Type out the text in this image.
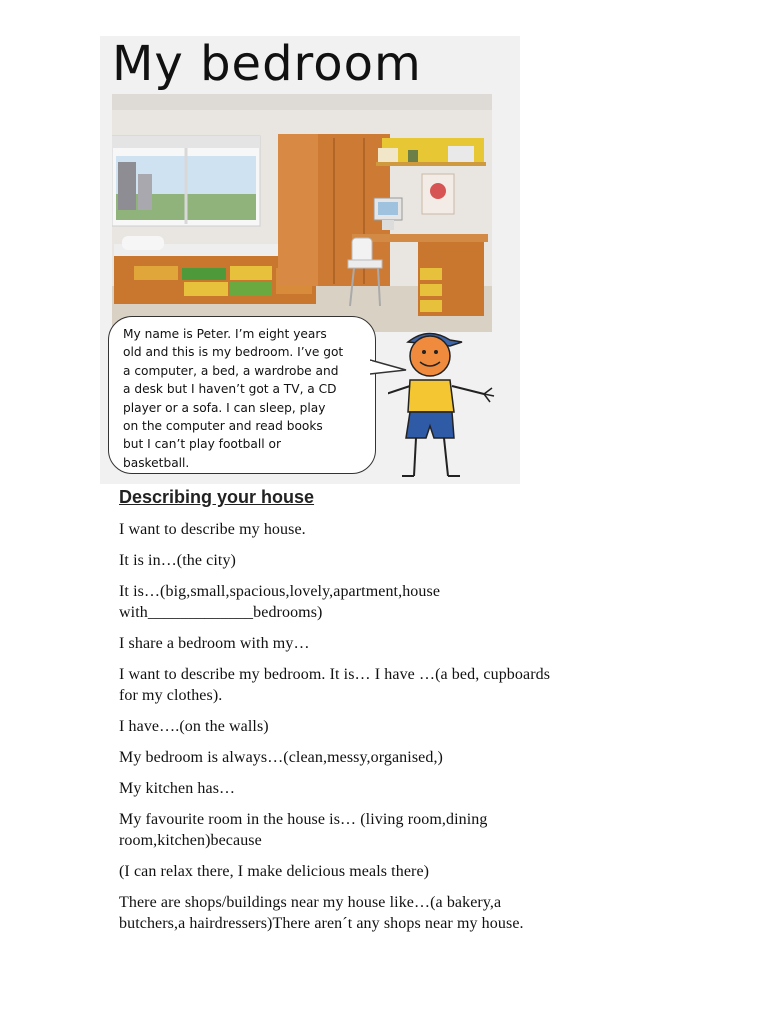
My bedroom
My name is Peter. I’m eight years
old and this is my bedroom. I’ve got
a computer, a bed, a wardrobe and
a desk but I haven’t got a TV, a CD
player or a sofa. I can sleep, play
on the computer and read books
but I can’t play football or
basketball.
Describing your house
I want to describe my house.
It is in…(the city)
It is…(big,small,spacious,lovely,apartment,house
with_____________bedrooms)
I share a bedroom with my…
I want to describe my bedroom. It is… I have …(a bed, cupboards
for my clothes).
I have….(on the walls)
My bedroom is always…(clean,messy,organised,)
My kitchen has…
My favourite room in the house is… (living room,dining
room,kitchen)because
(I can relax there, I make delicious meals there)
There are shops/buildings near my house like…(a bakery,a
butchers,a hairdressers)There aren´t any shops near my house.
